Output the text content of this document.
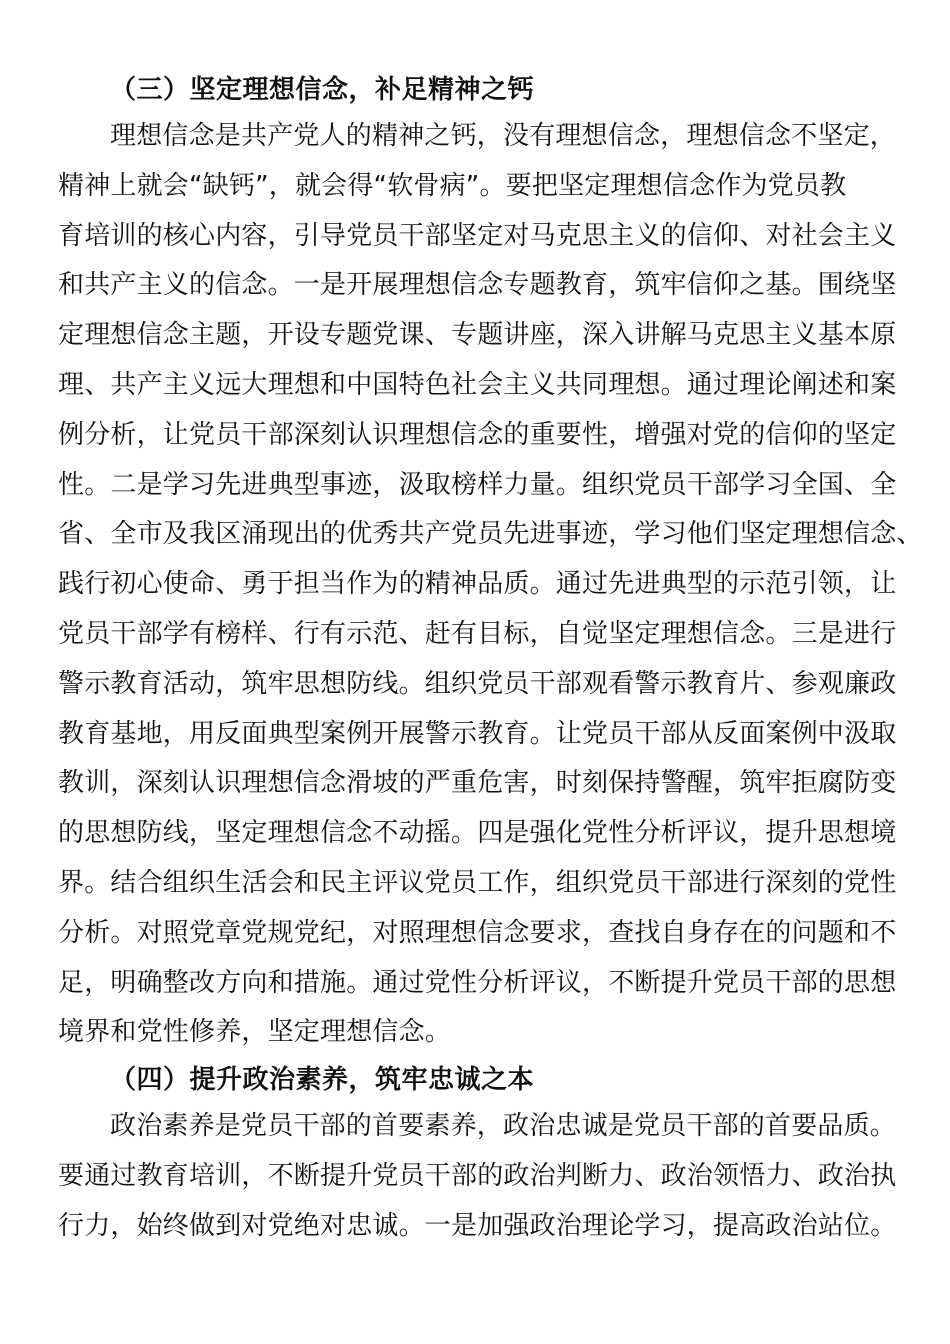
（三）坚定理想信念，补足精神之钙

理想信念是共产党人的精神之钙，没有理想信念，理想信念不坚定，
精神上就会“缺钙”，就会得“软骨病”。要把坚定理想信念作为党员教
育培训的核心内容，引导党员干部坚定对马克思主义的信仰、对社会主义
和共产主义的信念。一是开展理想信念专题教育，筑牢信仰之基。围绕坚
定理想信念主题，开设专题党课、专题讲座，深入讲解马克思主义基本原
理、共产主义远大理想和中国特色社会主义共同理想。通过理论阐述和案
例分析，让党员干部深刻认识理想信念的重要性，增强对党的信仰的坚定
性。二是学习先进典型事迹，汲取榜样力量。组织党员干部学习全国、全
省、全市及我区涌现出的优秀共产党员先进事迹，学习他们坚定理想信念、
践行初心使命、勇于担当作为的精神品质。通过先进典型的示范引领，让
党员干部学有榜样、行有示范、赶有目标，自觉坚定理想信念。三是进行
警示教育活动，筑牢思想防线。组织党员干部观看警示教育片、参观廉政
教育基地，用反面典型案例开展警示教育。让党员干部从反面案例中汲取
教训，深刻认识理想信念滑坡的严重危害，时刻保持警醒，筑牢拒腐防变
的思想防线，坚定理想信念不动摇。四是强化党性分析评议，提升思想境
界。结合组织生活会和民主评议党员工作，组织党员干部进行深刻的党性
分析。对照党章党规党纪，对照理想信念要求，查找自身存在的问题和不
足，明确整改方向和措施。通过党性分析评议，不断提升党员干部的思想
境界和党性修养，坚定理想信念。

（四）提升政治素养，筑牢忠诚之本

政治素养是党员干部的首要素养，政治忠诚是党员干部的首要品质。
要通过教育培训，不断提升党员干部的政治判断力、政治领悟力、政治执
行力，始终做到对党绝对忠诚。一是加强政治理论学习，提高政治站位。
